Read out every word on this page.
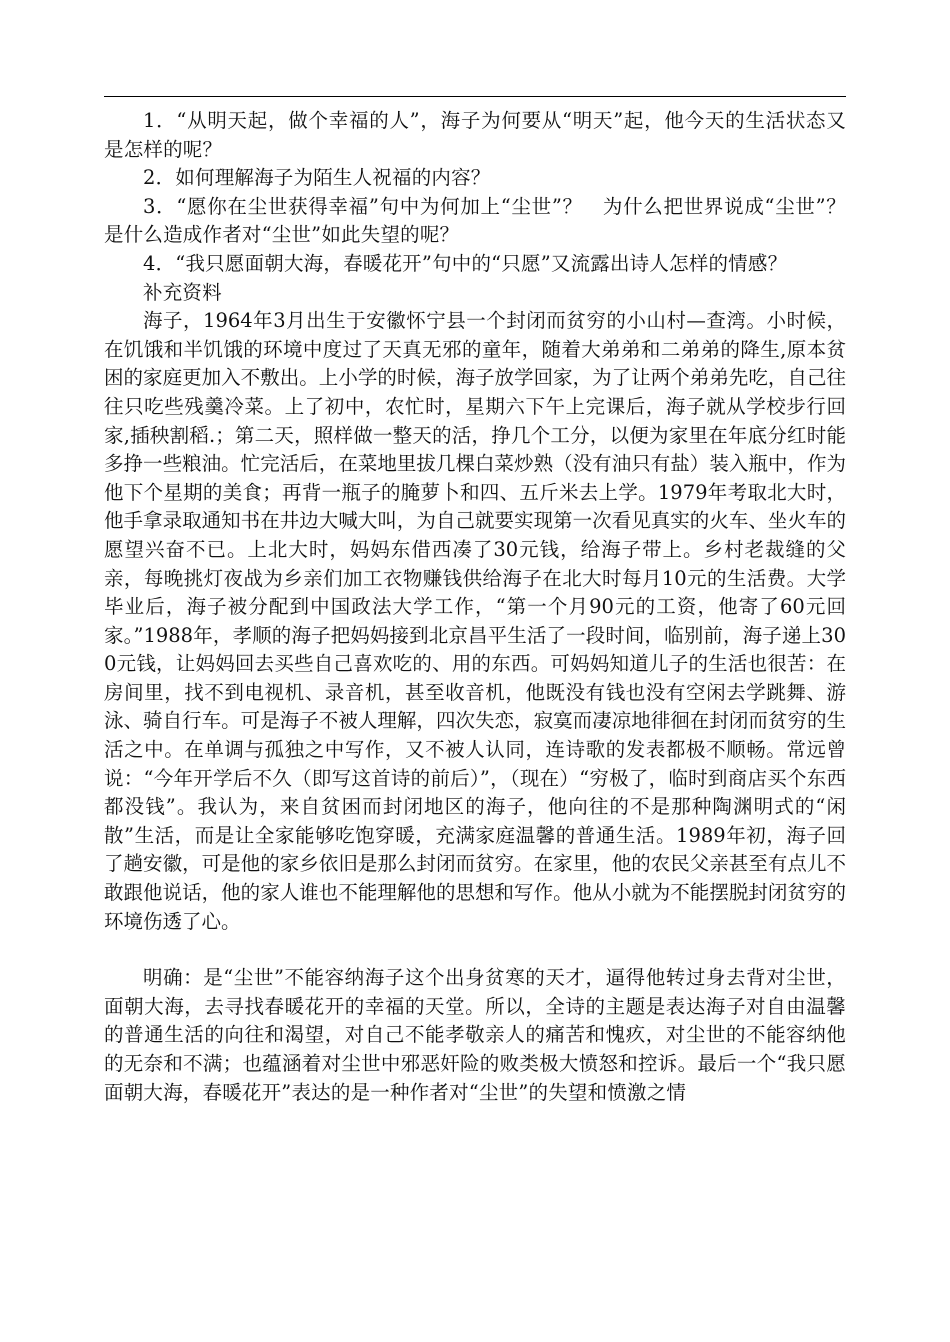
1．“从明天起，做个幸福的人”，海子为何要从“明天”起，他今天的生活状态又是怎样的呢？

2．如何理解海子为陌生人祝福的内容？

3．“愿你在尘世获得幸福”句中为何加上“尘世”？　为什么把世界说成“尘世”？是什么造成作者对“尘世”如此失望的呢？

4．“我只愿面朝大海，春暖花开”句中的“只愿”又流露出诗人怎样的情感？

补充资料

海子，1964年3月出生于安徽怀宁县一个封闭而贫穷的小山村—查湾。小时候，在饥饿和半饥饿的环境中度过了天真无邪的童年，随着大弟弟和二弟弟的降生,原本贫困的家庭更加入不敷出。上小学的时候，海子放学回家，为了让两个弟弟先吃，自己往往只吃些残羹冷菜。上了初中，农忙时，星期六下午上完课后，海子就从学校步行回家,插秧割稻.；第二天，照样做一整天的活，挣几个工分，以便为家里在年底分红时能多挣一些粮油。忙完活后，在菜地里拔几棵白菜炒熟（没有油只有盐）装入瓶中，作为他下个星期的美食；再背一瓶子的腌萝卜和四、五斤米去上学。1979年考取北大时，他手拿录取通知书在井边大喊大叫，为自己就要实现第一次看见真实的火车、坐火车的愿望兴奋不已。上北大时，妈妈东借西凑了30元钱，给海子带上。乡村老裁缝的父亲，每晚挑灯夜战为乡亲们加工衣物赚钱供给海子在北大时每月10元的生活费。大学毕业后，海子被分配到中国政法大学工作，“第一个月90元的工资，他寄了60元回家。”1988年，孝顺的海子把妈妈接到北京昌平生活了一段时间，临别前，海子递上300元钱，让妈妈回去买些自己喜欢吃的、用的东西。可妈妈知道儿子的生活也很苦：在房间里，找不到电视机、录音机，甚至收音机，他既没有钱也没有空闲去学跳舞、游泳、骑自行车。可是海子不被人理解，四次失恋，寂寞而凄凉地徘徊在封闭而贫穷的生活之中。在单调与孤独之中写作，又不被人认同，连诗歌的发表都极不顺畅。常远曾说：“今年开学后不久（即写这首诗的前后）”，（现在）“穷极了，临时到商店买个东西都没钱”。我认为，来自贫困而封闭地区的海子，他向往的不是那种陶渊明式的“闲散”生活，而是让全家能够吃饱穿暖，充满家庭温馨的普通生活。1989年初，海子回了趟安徽，可是他的家乡依旧是那么封闭而贫穷。在家里，他的农民父亲甚至有点儿不敢跟他说话，他的家人谁也不能理解他的思想和写作。他从小就为不能摆脱封闭贫穷的环境伤透了心。

明确：是“尘世”不能容纳海子这个出身贫寒的天才，逼得他转过身去背对尘世，面朝大海，去寻找春暖花开的幸福的天堂。所以，全诗的主题是表达海子对自由温馨的普通生活的向往和渴望，对自己不能孝敬亲人的痛苦和愧疚，对尘世的不能容纳他的无奈和不满；也蕴涵着对尘世中邪恶奸险的败类极大愤怒和控诉。最后一个“我只愿面朝大海，春暖花开”表达的是一种作者对“尘世”的失望和愤激之情
